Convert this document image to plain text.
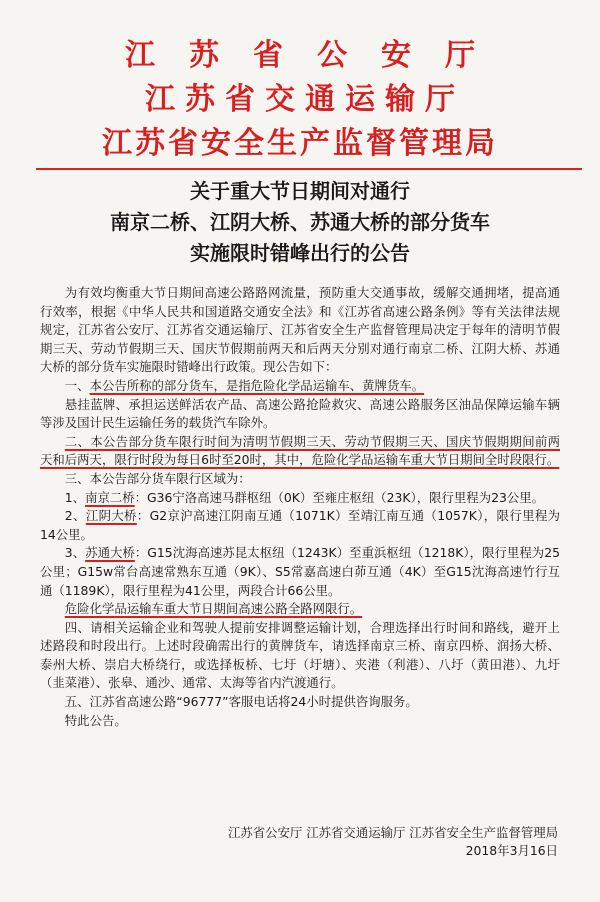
江苏省公安厅
江苏省交通运输厅
江苏省安全生产监督管理局
关于重大节日期间对通行
南京二桥、江阴大桥、苏通大桥的部分货车
实施限时错峰出行的公告

为有效均衡重大节日期间高速公路路网流量，预防重大交通事故，缓解交通拥堵，提高通行效率，根据《中华人民共和国道路交通安全法》和《江苏省高速公路条例》等有关法律法规规定，江苏省公安厅、江苏省交通运输厅、江苏省安全生产监督管理局决定于每年的清明节假期三天、劳动节假期三天、国庆节假期前两天和后两天分别对通行南京二桥、江阴大桥、苏通大桥的部分货车实施限时错峰出行政策。现公告如下：

一、本公告所称的部分货车，是指危险化学品运输车、黄牌货车。

悬挂蓝牌、承担运送鲜活农产品、高速公路抢险救灾、高速公路服务区油品保障运输车辆等涉及国计民生运输任务的载货汽车除外。

二、本公告部分货车限行时间为清明节假期三天、劳动节假期三天、国庆节假期期间前两天和后两天，限行时段为每日6时至20时，其中，危险化学品运输车重大节日期间全时段限行。

三、本公告部分货车限行区域为：

1、南京二桥：G36宁洛高速马群枢纽（0K）至雍庄枢纽（23K），限行里程为23公里。

2、江阴大桥：G2京沪高速江阴南互通（1071K）至靖江南互通（1057K），限行里程为14公里。

3、苏通大桥：G15沈海高速苏昆太枢纽（1243K）至重浜枢纽（1218K），限行里程为25公里；G15w常台高速常熟东互通（9K）、S5常嘉高速白茆互通（4K）至G15沈海高速竹行互通（1189K），限行里程为41公里，两段合计66公里。

危险化学品运输车重大节日期间高速公路全路网限行。

四、请相关运输企业和驾驶人提前安排调整运输计划，合理选择出行时间和路线，避开上述路段和时段出行。上述时段确需出行的黄牌货车，请选择南京三桥、南京四桥、润扬大桥、泰州大桥、崇启大桥绕行，或选择板桥、七圩（圩塘）、夹港（利港）、八圩（黄田港）、九圩（韭菜港）、张皋、通沙、通常、太海等省内汽渡通行。

五、江苏省高速公路“96777”客服电话将24小时提供咨询服务。

特此公告。

江苏省公安厅 江苏省交通运输厅 江苏省安全生产监督管理局
2018年3月16日
